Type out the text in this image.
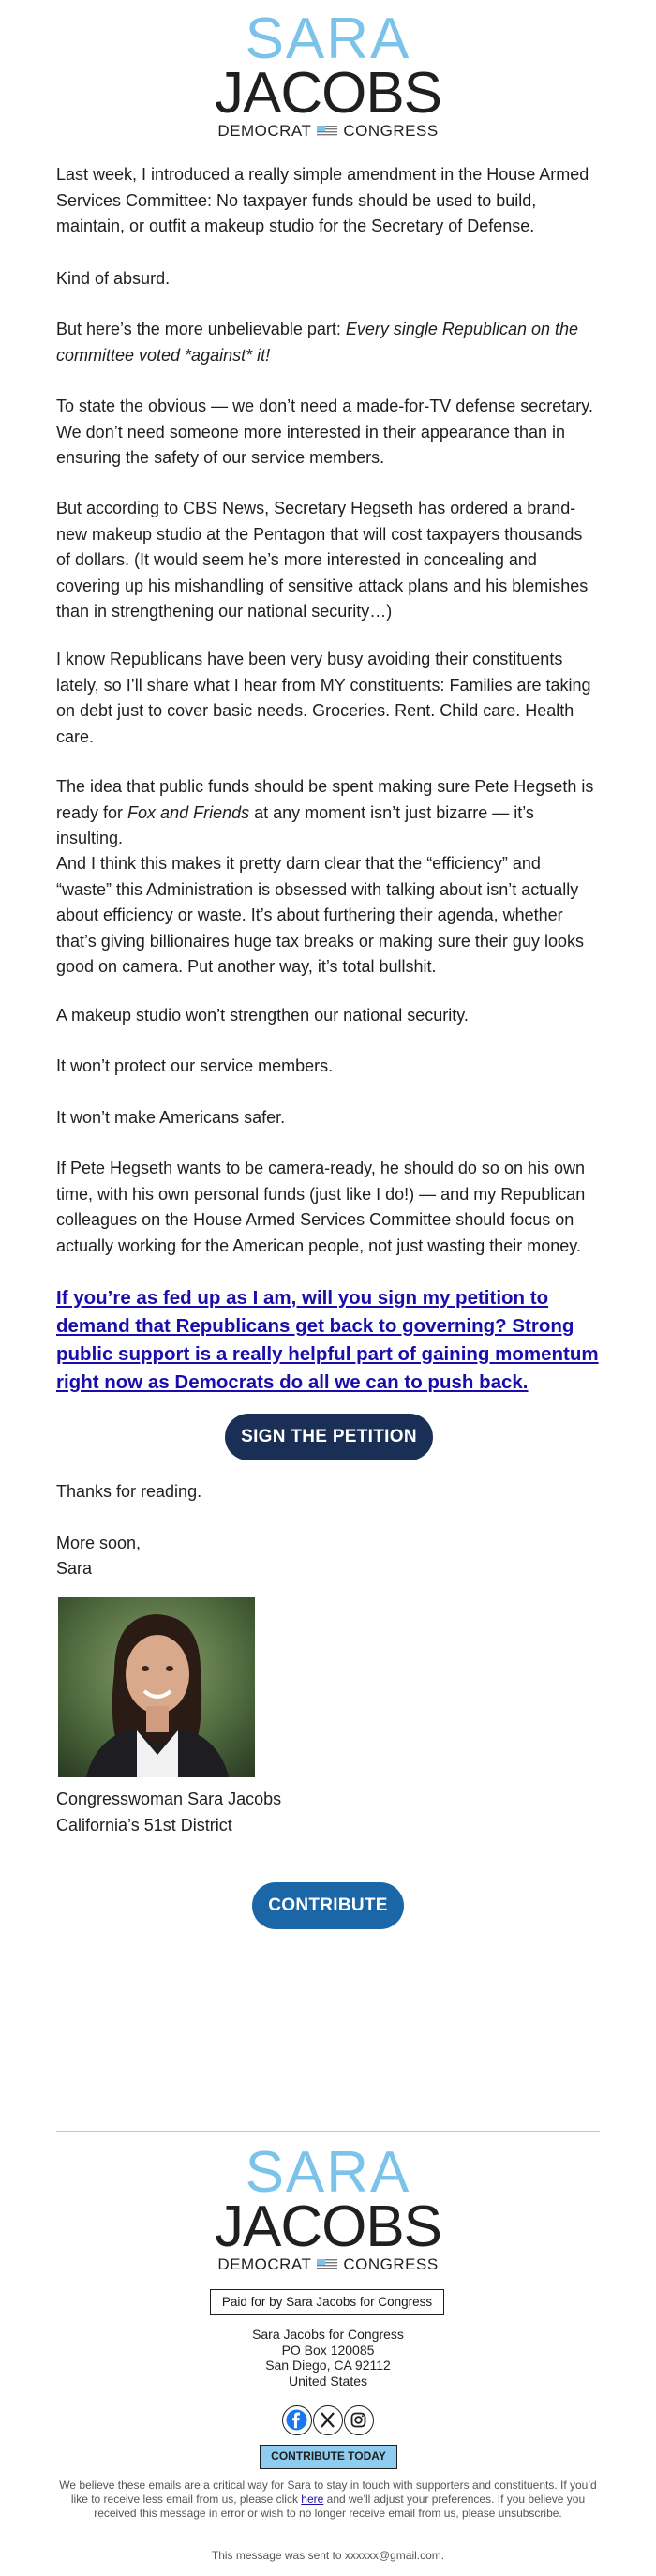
SARA
JACOBS
DEMOCRAT CONGRESS

Last week, I introduced a really simple amendment in the House Armed Services Committee: No taxpayer funds should be used to build, maintain, or outfit a makeup studio for the Secretary of Defense.

Kind of absurd.

But here’s the more unbelievable part: Every single Republican on the committee voted *against* it!

To state the obvious — we don’t need a made-for-TV defense secretary. We don’t need someone more interested in their appearance than in ensuring the safety of our service members.

But according to CBS News, Secretary Hegseth has ordered a brand-new makeup studio at the Pentagon that will cost taxpayers thousands of dollars. (It would seem he’s more interested in concealing and covering up his mishandling of sensitive attack plans and his blemishes than in strengthening our national security…)

I know Republicans have been very busy avoiding their constituents lately, so I’ll share what I hear from MY constituents: Families are taking on debt just to cover basic needs. Groceries. Rent. Child care. Health care.

The idea that public funds should be spent making sure Pete Hegseth is ready for Fox and Friends at any moment isn’t just bizarre — it’s insulting.

And I think this makes it pretty darn clear that the “efficiency” and “waste” this Administration is obsessed with talking about isn’t actually about efficiency or waste. It’s about furthering their agenda, whether that’s giving billionaires huge tax breaks or making sure their guy looks good on camera. Put another way, it’s total bullshit.

A makeup studio won’t strengthen our national security.

It won’t protect our service members.

It won’t make Americans safer.

If Pete Hegseth wants to be camera-ready, he should do so on his own time, with his own personal funds (just like I do!) — and my Republican colleagues on the House Armed Services Committee should focus on actually working for the American people, not just wasting their money.

If you’re as fed up as I am, will you sign my petition to demand that Republicans get back to governing? Strong public support is a really helpful part of gaining momentum right now as Democrats do all we can to push back.
SIGN THE PETITION

Thanks for reading.

More soon,

Sara

Congresswoman Sara Jacobs

California’s 51st District

CONTRIBUTE
SARA
JACOBS
DEMOCRAT CONGRESS
Paid for by Sara Jacobs for Congress
Sara Jacobs for Congress
PO Box 120085
San Diego, CA 92112
United States
CONTRIBUTE TODAY
We believe these emails are a critical way for Sara to stay in touch with supporters and constituents. If you’d like to receive less email from us, please click here and we’ll adjust your preferences. If you believe you received this message in error or wish to no longer receive email from us, please unsubscribe.
This message was sent to xxxxxx@gmail.com.
